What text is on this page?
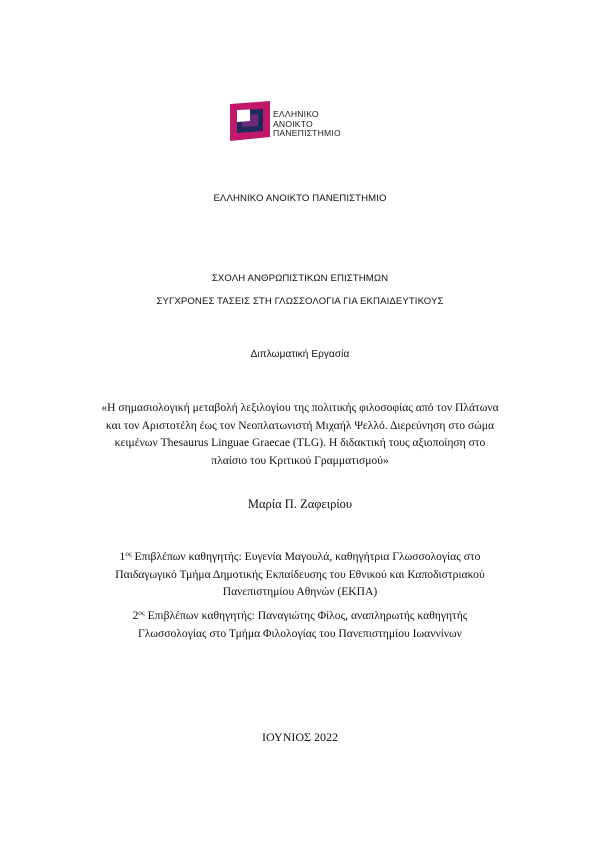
ΕΛΛΗΝΙΚΟ
ΑΝΟΙΚΤΟ
ΠΑΝΕΠΙΣΤΗΜΙΟ
ΕΛΛΗΝΙΚΟ ΑΝΟΙΚΤΟ ΠΑΝΕΠΙΣΤΗΜΙΟ
ΣΧΟΛΗ ΑΝΘΡΩΠΙΣΤΙΚΩΝ ΕΠΙΣΤΗΜΩΝ
ΣΥΓΧΡΟΝΕΣ ΤΑΣΕΙΣ ΣΤΗ ΓΛΩΣΣΟΛΟΓΙΑ ΓΙΑ ΕΚΠΑΙΔΕΥΤΙΚΟΥΣ
Διπλωματική Εργασία
«Η σημασιολογική μεταβολή λεξιλογίου της πολιτικής φιλοσοφίας από τον Πλάτωνα
και τον Αριστοτέλη έως τον Νεοπλατωνιστή Μιχαήλ Ψελλό. Διερεύνηση στο σώμα
κειμένων Thesaurus Linguae Graecae (TLG). Η διδακτική τους αξιοποίηση στο
πλαίσιο του Κριτικού Γραμματισμού»
Μαρία Π. Ζαφειρίου
$1^{o\varsigma}$ Επιβλέπων καθηγητής: Ευγενία Μαγουλά, καθηγήτρια Γλωσσολογίας στο
Παιδαγωγικό Τμήμα Δημοτικής Εκπαίδευσης του Εθνικού και Καποδιστριακού
Πανεπιστημίου Αθηνών (ΕΚΠΑ)
$2^{o\varsigma}$ Επιβλέπων καθηγητής: Παναγιώτης Φίλος, αναπληρωτής καθηγητής
Γλωσσολογίας στο Τμήμα Φιλολογίας του Πανεπιστημίου Ιωαννίνων
ΙΟΥΝΙΟΣ 2022
